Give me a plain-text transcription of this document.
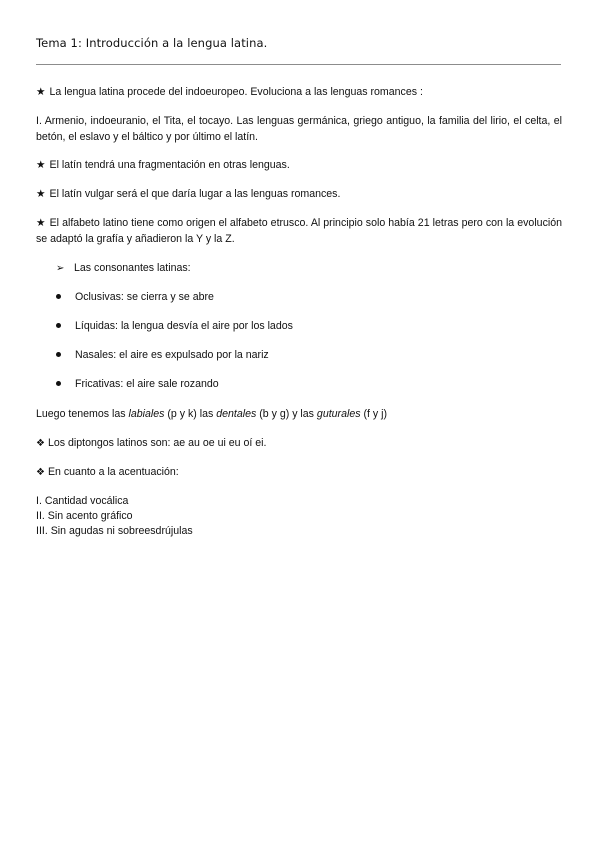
Tema 1: Introducción a la lengua latina.
★ La lengua latina procede del indoeuropeo. Evoluciona a las lenguas romances :
I. Armenio, indoeuranio, el Tita, el tocayo. Las lenguas germánica, griego antiguo, la familia del lirio, el celta, el betón, el eslavo y el báltico y por último el latín.
★ El latín tendrá una fragmentación en otras lenguas.
★ El latín vulgar será el que daría lugar a las lenguas romances.
★ El alfabeto latino tiene como origen el alfabeto etrusco. Al principio solo había 21 letras pero con la evolución se adaptó la grafía y añadieron la Y y la Z.
➢ Las consonantes latinas:
Oclusivas: se cierra y se abre
Líquidas: la lengua desvía el aire por los lados
Nasales: el aire es expulsado por la nariz
Fricativas: el aire sale rozando
Luego tenemos las labiales (p y k) las dentales (b y g) y las guturales (f y j)
❖ Los diptongos latinos son: ae au oe ui eu oí ei.
❖ En cuanto a la acentuación:
I. Cantidad vocálica
II. Sin acento gráfico
III. Sin agudas ni sobreesdrújulas
